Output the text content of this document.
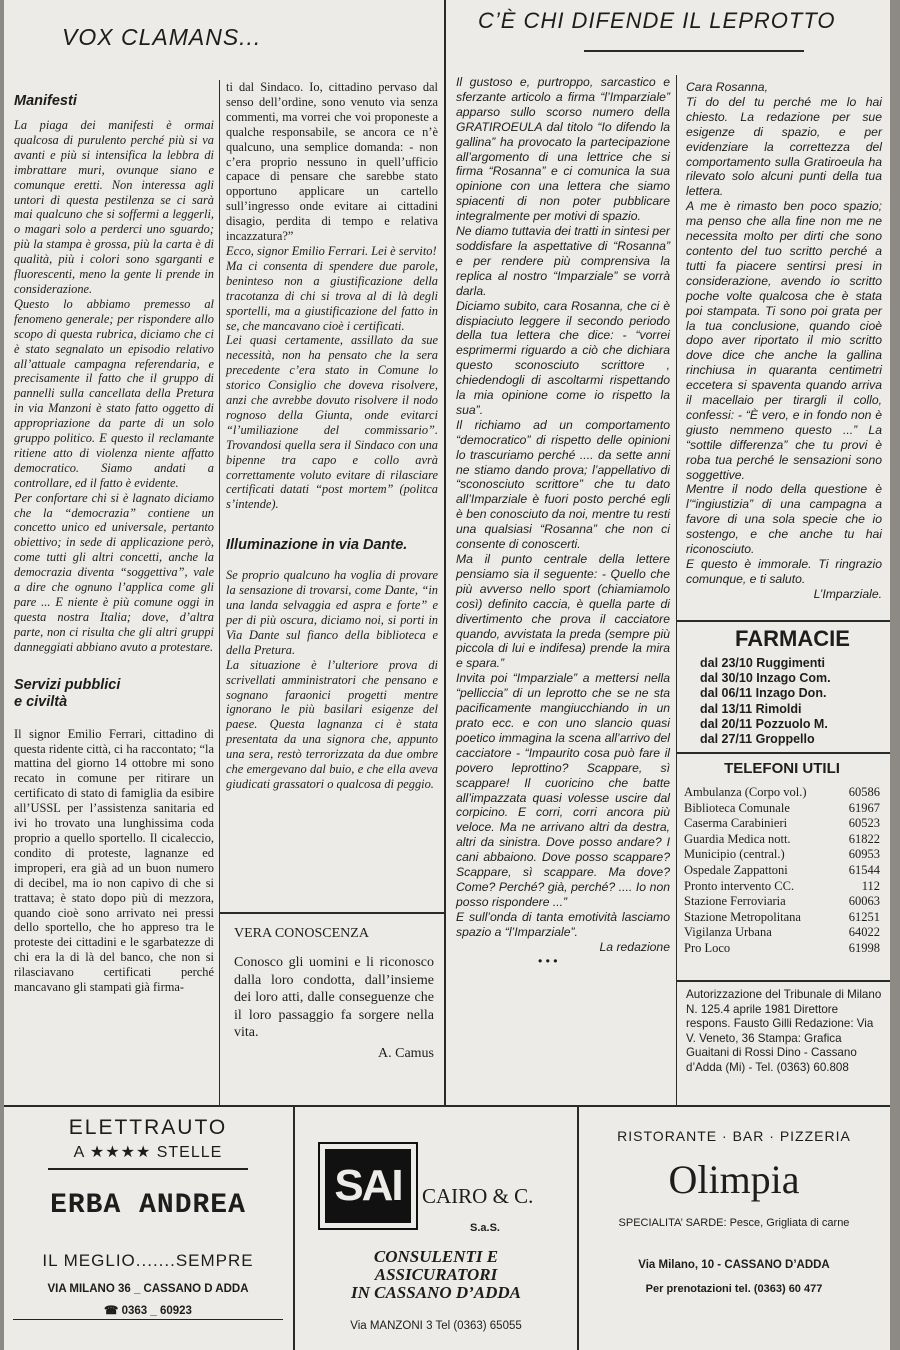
VOX CLAMANS...
C’È CHI DIFENDE IL LEPROTTO
Manifesti

La piaga dei manifesti è ormai qualcosa di purulento perché più si va avanti e più si intensifica la lebbra di imbrattare muri, ovunque siano e comunque eretti. Non interessa agli untori di questa pestilenza se ci sarà mai qualcuno che si soffermi a leggerli, o magari solo a perderci uno sguardo; più la stampa è grossa, più la carta è di qualità, più i colori sono sgarganti e fluorescenti, meno la gente li prende in considerazione.

Questo lo abbiamo premesso al fenomeno generale; per rispondere allo scopo di questa rubrica, diciamo che ci è stato segnalato un episodio relativo all’attuale campagna referendaria, e precisamente il fatto che il gruppo di pannelli sulla cancellata della Pretura in via Manzoni è stato fatto oggetto di appropriazione da parte di un solo gruppo politico. E questo il reclamante ritiene atto di violenza niente affatto democratico. Siamo andati a controllare, ed il fatto è evidente.

Per confortare chi si è lagnato diciamo che la “democrazia” contiene un concetto unico ed universale, pertanto obiettivo; in sede di applicazione però, come tutti gli altri concetti, anche la democrazia diventa “soggettiva”, vale a dire che ognuno l’applica come gli pare ... E niente è più comune oggi in questa nostra Italia; dove, d’altra parte, non ci risulta che gli altri gruppi danneggiati abbiano avuto a protestare.

Servizi pubblici
e civiltà

Il signor Emilio Ferrari, cittadino di questa ridente città, ci ha raccontato; “la mattina del giorno 14 ottobre mi sono recato in comune per ritirare un certificato di stato di famiglia da esibire all’USSL per l’assistenza sanitaria ed ivi ho trovato una lunghissima coda proprio a quello sportello. Il cicaleccio, condito di proteste, lagnanze ed improperi, era già ad un buon numero di decibel, ma io non capivo di che si trattava; è stato dopo più di mezzora, quando cioè sono arrivato nei pressi dello sportello, che ho appreso tra le proteste dei cittadini e le sgarbatezze di chi era la di là del banco, che non si rilasciavano certificati perché mancavano gli stampati già firma-

ti dal Sindaco. Io, cittadino pervaso dal senso dell’ordine, sono venuto via senza commenti, ma vorrei che voi proponeste a qualche responsabile, se ancora ce n’è qualcuno, una semplice domanda: - non c’era proprio nessuno in quell’ufficio capace di pensare che sarebbe stato opportuno applicare un cartello sull’ingresso onde evitare ai cittadini disagio, perdita di tempo e relativa incazzatura?”

Ecco, signor Emilio Ferrari. Lei è servito!

Ma ci consenta di spendere due parole, beninteso non a giustificazione della tracotanza di chi si trova al di là degli sportelli, ma a giustificazione del fatto in se, che mancavano cioè i certificati.

Lei quasi certamente, assillato da sue necessità, non ha pensato che la sera precedente c’era stato in Comune lo storico Consiglio che doveva risolvere, anzi che avrebbe dovuto risolvere il nodo rognoso della Giunta, onde evitarci “l’umiliazione del commissario”. Trovandosi quella sera il Sindaco con una bipenne tra capo e collo avrà correttamente voluto evitare di rilasciare certificati datati “post mortem” (politca s’intende).

Illuminazione in via Dante.

Se proprio qualcuno ha voglia di provare la sensazione di trovarsi, come Dante, “in una landa selvaggia ed aspra e forte” e per di più oscura, diciamo noi, si porti in Via Dante sul fianco della biblioteca e della Pretura.

La situazione è l’ulteriore prova di scrivellati amministratori che pensano e sognano faraonici progetti mentre ignorano le più basilari esigenze del paese. Questa lagnanza ci è stata presentata da una signora che, appunto una sera, restò terrorizzata da due ombre che emergevano dal buio, e che ella aveva giudicati grassatori o qualcosa di peggio.

VERA CONOSCENZA

Conosco gli uomini e li riconosco dalla loro condotta, dall’insieme dei loro atti, dalle conseguenze che il loro passaggio fa sorgere nella vita.

A. Camus

Il gustoso e, purtroppo, sarcastico e sferzante articolo a firma “l’Imparziale” apparso sullo scorso numero della GRATIROEULA dal titolo “Io difendo la gallina” ha provocato la partecipazione all’argomento di una lettrice che si firma “Rosanna” e ci comunica la sua opinione con una lettera che siamo spiacenti di non poter pubblicare integralmente per motivi di spazio.

Ne diamo tuttavia dei tratti in sintesi per soddisfare la aspettative di “Rosanna” e per rendere più comprensiva la replica al nostro “Imparziale” se vorrà darla.

Diciamo subito, cara Rosanna, che ci è dispiaciuto leggere il secondo periodo della tua lettera che dice: - “vorrei esprimermi riguardo a ciò che dichiara questo sconosciuto scrittore , chiedendogli di ascoltarmi rispettando la mia opinione come io rispetto la sua”.

Il richiamo ad un comportamento “democratico” di rispetto delle opinioni lo trascuriamo perché .... da sette anni ne stiamo dando prova; l’appellativo di “sconosciuto scrittore” che tu dato all’Imparziale è fuori posto perché egli è ben conosciuto da noi, mentre tu resti una qualsiasi “Rosanna” che non ci consente di conoscerti.

Ma il punto centrale della lettere pensiamo sia il seguente: - Quello che più avverso nello sport (chiamiamolo così) definito caccia, è quella parte di divertimento che prova il cacciatore quando, avvistata la preda (sempre più piccola di lui e indifesa) prende la mira e spara.”

Invita poi “Imparziale” a mettersi nella “pelliccia” di un leprotto che se ne sta pacificamente mangiucchiando in un prato ecc. e con uno slancio quasi poetico immagina la scena all’arrivo del cacciatore - “Impaurito cosa può fare il povero leprottino? Scappare, sì scappare! Il cuoricino che batte all’impazzata quasi volesse uscire dal corpicino. E corri, corri ancora più veloce. Ma ne arrivano altri da destra, altri da sinistra. Dove posso andare? I cani abbaiono. Dove posso scappare? Scappare, sì scappare. Ma dove? Come? Perché? già, perché? .... Io non posso rispondere ...”

E sull’onda di tanta emotività lasciamo spazio a “l’Imparziale”.

La redazione
• • •
Cara Rosanna,

Ti do del tu perché me lo hai chiesto. La redazione per sue esigenze di spazio, e per evidenziare la correttezza del comportamento sulla Gratiroeula ha rilevato solo alcuni punti della tua lettera.

A me è rimasto ben poco spazio; ma penso che alla fine non me ne necessita molto per dirti che sono contento del tuo scritto perché a tutti fa piacere sentirsi presi in considerazione, avendo io scritto poche volte qualcosa che è stata poi stampata. Ti sono poi grata per la tua conclusione, quando cioè dopo aver riportato il mio scritto dove dice che anche la gallina rinchiusa in quaranta centimetri eccetera si spaventa quando arriva il macellaio per tirargli il collo, confessi: - “È vero, e in fondo non è giusto nemmeno questo ...” La “sottile differenza” che tu provi è roba tua perché le sensazioni sono soggettive.

Mentre il nodo della questione è l’“ingiustizia” di una campagna a favore di una sola specie che io sostengo, e che anche tu hai riconosciuto.

E questo è immorale. Ti ringrazio comunque, e ti saluto.

L’Imparziale.
FARMACIE
dal 23/10 Ruggimenti
dal 30/10 Inzago Com.
dal 06/11 Inzago Don.
dal 13/11 Rimoldi
dal 20/11 Pozzuolo M.
dal 27/11 Groppello
TELEFONI UTILI
Ambulanza (Corpo vol.)	60586
Biblioteca Comunale	61967
Caserma Carabinieri	60523
Guardia Medica nott.	61822
Municipio (central.)	60953
Ospedale Zappattoni	61544
Pronto intervento CC.	112
Stazione Ferroviaria	60063
Stazione Metropolitana	61251
Vigilanza Urbana	64022
Pro Loco	61998

Autorizzazione del Tribunale di Milano N. 125.4 aprile 1981 Direttore respons. Fausto Gilli Redazione: Via V. Veneto, 36 Stampa: Grafica Guaitani di Rossi Dino - Cassano d’Adda (Mi) - Tel. (0363) 60.808

ELETTRAUTO
A ★★★★ STELLE
ERBA ANDREA
IL MEGLIO.......SEMPRE
VIA MILANO 36 _ CASSANO D ADDA
☎ 0363 _ 60923
SAI CAIRO & C.
S.a.S.
CONSULENTI E
ASSICURATORI
IN CASSANO D’ADDA
Via MANZONI 3 Tel (0363) 65055
RISTORANTE · BAR · PIZZERIA
Olimpia
SPECIALITA’ SARDE: Pesce, Grigliata di carne
Via Milano, 10 - CASSANO D’ADDA
Per prenotazioni tel. (0363) 60 477
